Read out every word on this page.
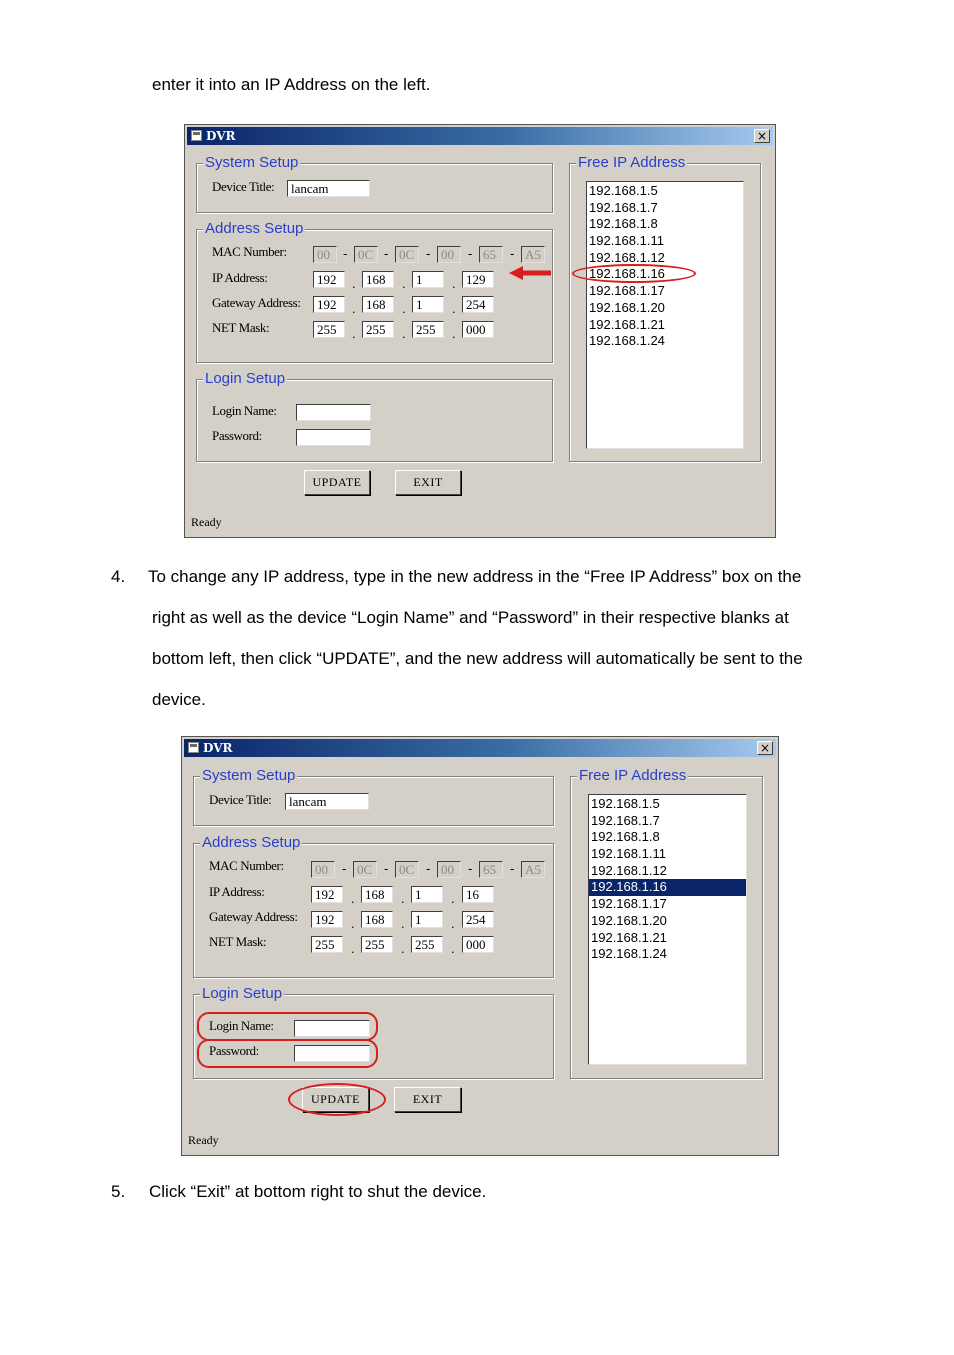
enter it into an IP Address on the left.
DVR	×
System Setup
Device Title:	lancam
Address Setup
MAC Number:	00	- 0C - 0C - 00	- 65	- A5
IP Address:	192	. 168	. 1	. 129
Gateway Address:	192	. 168	. 1	. 254
NET Mask:	255	. 255	. 255	. 000
Login Setup
Login Name:
Password:
Free IP Address
192.168.1.5
192.168.1.7
192.168.1.8
192.168.1.11
192.168.1.12
192.168.1.16
192.168.1.17
192.168.1.20
192.168.1.21
192.168.1.24
UPDATE	EXIT
Ready
4. To change any IP address, type in the new address in the “Free IP Address” box on the
right as well as the device “Login Name” and “Password” in their respective blanks at
bottom left, then click “UPDATE”, and the new address will automatically be sent to the
device.
DVR	×
System Setup
Device Title:	lancam
Address Setup
MAC Number:	00	- 0C - 0C - 00	- 65	- A5
IP Address:	192	. 168	. 1	. 16
Gateway Address:	192	. 168	. 1	. 254
NET Mask:	255	. 255	. 255	. 000
Login Setup
Login Name:
Password:
Free IP Address
192.168.1.5
192.168.1.7
192.168.1.8
192.168.1.11
192.168.1.12
192.168.1.16
192.168.1.17
192.168.1.20
192.168.1.21
192.168.1.24
UPDATE	EXIT
Ready
5. Click “Exit” at bottom right to shut the device.
